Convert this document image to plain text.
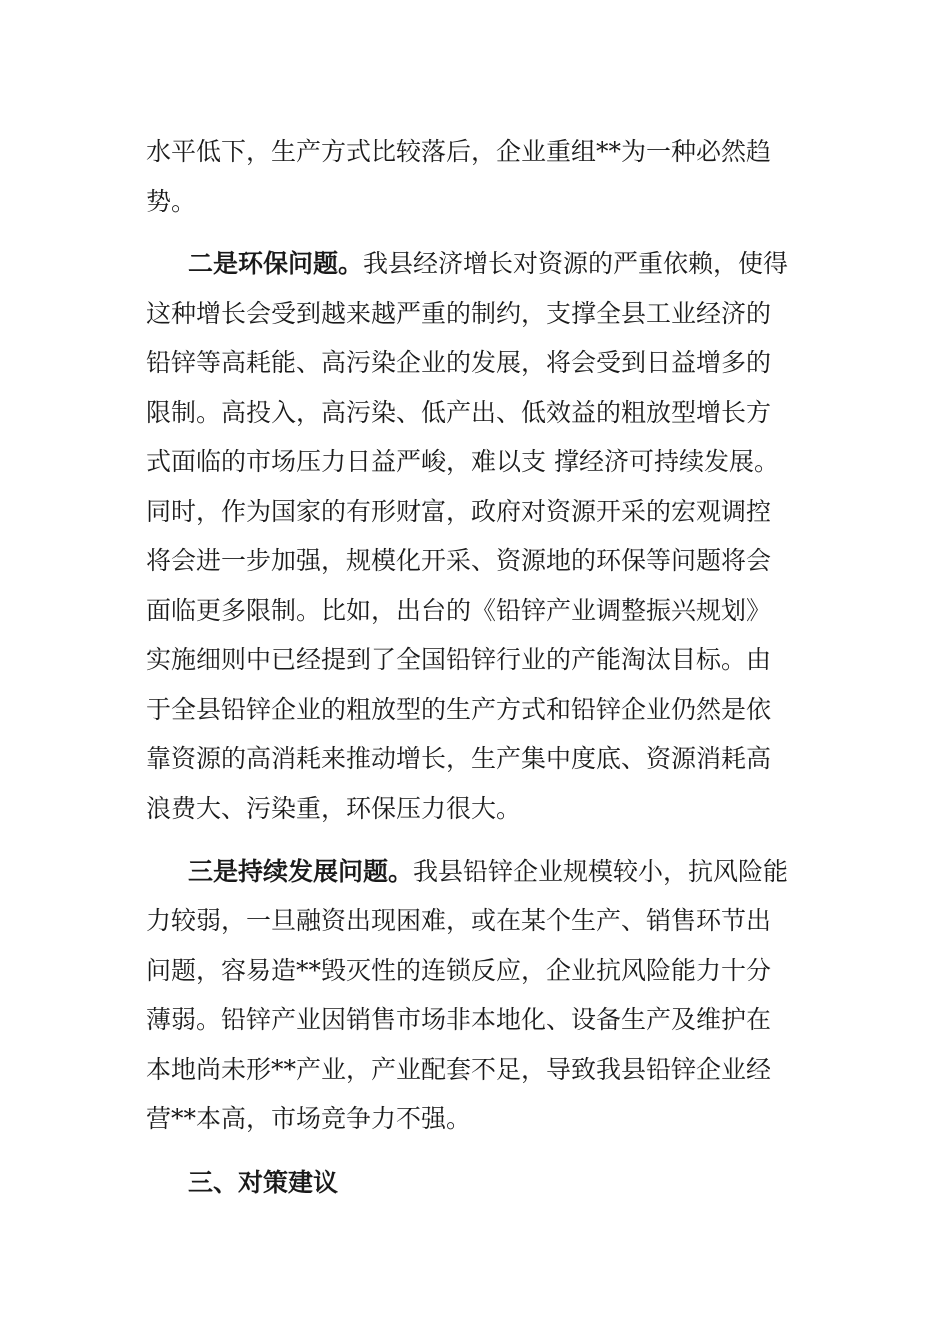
水平低下，生产方式比较落后，企业重组**为一种必然趋
势。
二是环保问题。我县经济增长对资源的严重依赖，使得
这种增长会受到越来越严重的制约，支撑全县工业经济的
铅锌等高耗能、高污染企业的发展，将会受到日益增多的
限制。高投入，高污染、低产出、低效益的粗放型增长方
式面临的市场压力日益严峻，难以支 撑经济可持续发展。
同时，作为国家的有形财富，政府对资源开采的宏观调控
将会进一步加强，规模化开采、资源地的环保等问题将会
面临更多限制。比如，出台的《铅锌产业调整振兴规划》
实施细则中已经提到了全国铅锌行业的产能淘汰目标。由
于全县铅锌企业的粗放型的生产方式和铅锌企业仍然是依
靠资源的高消耗来推动增长，生产集中度底、资源消耗高
浪费大、污染重，环保压力很大。
三是持续发展问题。我县铅锌企业规模较小，抗风险能
力较弱，一旦融资出现困难，或在某个生产、销售环节出
问题，容易造**毁灭性的连锁反应，企业抗风险能力十分
薄弱。铅锌产业因销售市场非本地化、设备生产及维护在
本地尚未形**产业，产业配套不足，导致我县铅锌企业经
营**本高，市场竞争力不强。
三、对策建议
